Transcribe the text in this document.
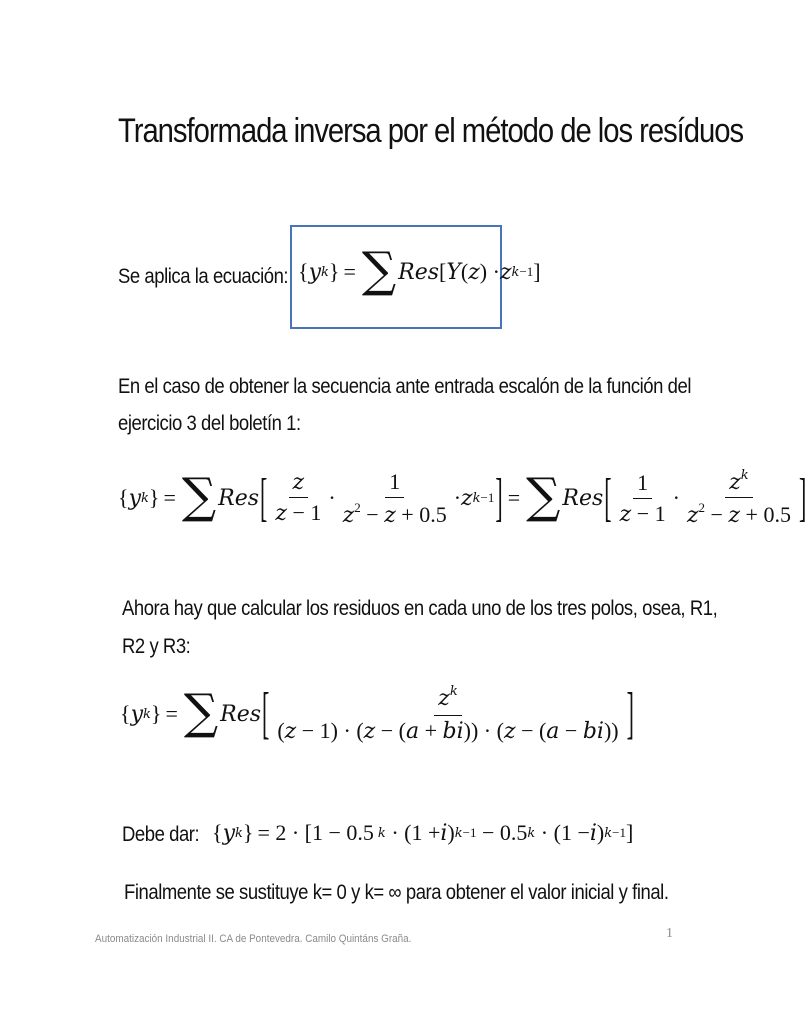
Transformada inversa por el método de los resíduos
Se aplica la ecuación: { y k } = ∑ Res [ Y ( z ) · z k−1 ]
En el caso de obtener la secuencia ante entrada escalón de la función del
ejercicio 3 del boletín 1:
{ y k } = ∑ Res [ $\frac{z}{z - 1} \cdot \frac{1}{z^2 - z + 0.5} \cdot z$ k−1 ] = ∑ Res [ $\frac{1}{z - 1} \cdot \frac{z^k}{z^2 - z + 0.5}$ ]
Ahora hay que calcular los residuos en cada uno de los tres polos, osea, R1,
R2 y R3:
{ y k } = ∑ Res [ $\frac{z^k}{(z - 1) \cdot (z - (a + bi)) \cdot (z - (a - bi))}$ ]
Debe dar: { y k } = 2 · [1 − 0.5 k · (1 + i ) k−1 − 0.5 k · (1 − i ) k−1 ]
Finalmente se sustituye k= 0 y k= ∞ para obtener el valor inicial y final.
Automatización Industrial II. CA de Pontevedra. Camilo Quintáns Graña.	1
